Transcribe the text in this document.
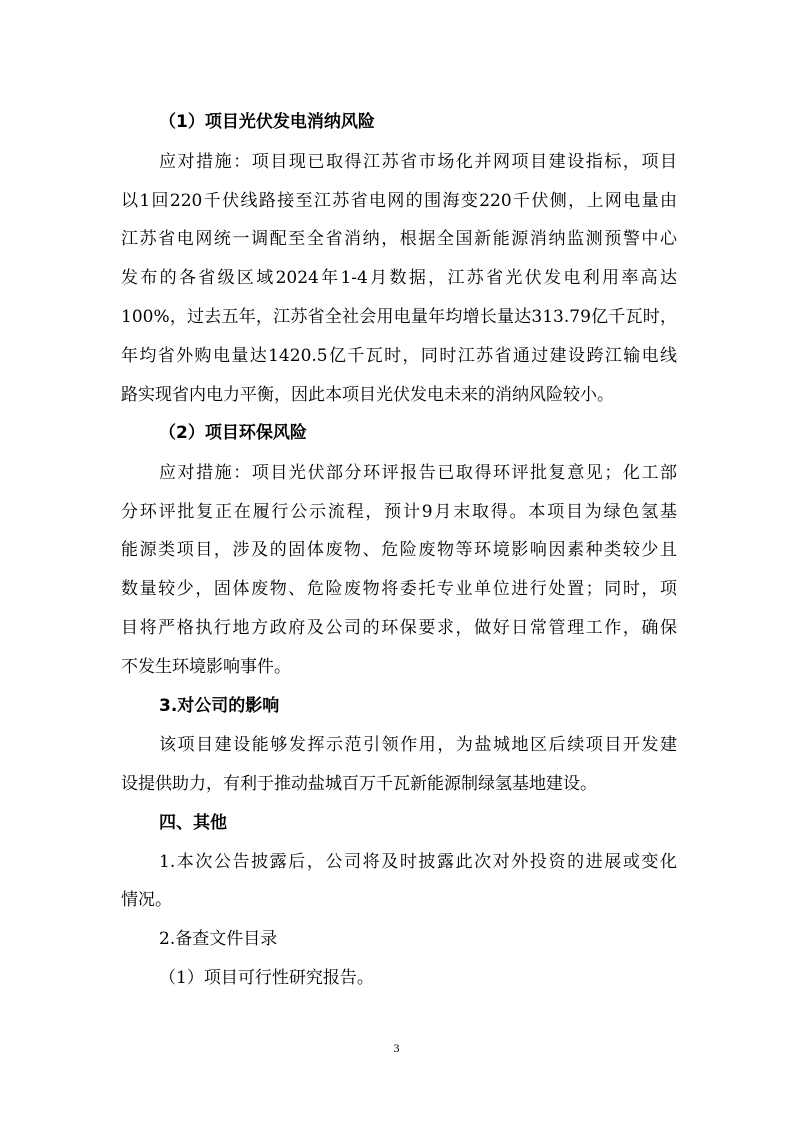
（1）项目光伏发电消纳风险
应对措施：项目现已取得江苏省市场化并网项目建设指标，项目
以1回220千伏线路接至江苏省电网的围海变220千伏侧，上网电量由
江苏省电网统一调配至全省消纳，根据全国新能源消纳监测预警中心
发布的各省级区域2024年1-4月数据，江苏省光伏发电利用率高达
100%，过去五年，江苏省全社会用电量年均增长量达313.79亿千瓦时，
年均省外购电量达1420.5亿千瓦时，同时江苏省通过建设跨江输电线
路实现省内电力平衡，因此本项目光伏发电未来的消纳风险较小。
（2）项目环保风险
应对措施：项目光伏部分环评报告已取得环评批复意见；化工部
分环评批复正在履行公示流程，预计9月末取得。本项目为绿色氢基
能源类项目，涉及的固体废物、危险废物等环境影响因素种类较少且
数量较少，固体废物、危险废物将委托专业单位进行处置；同时，项
目将严格执行地方政府及公司的环保要求，做好日常管理工作，确保
不发生环境影响事件。
3.对公司的影响
该项目建设能够发挥示范引领作用，为盐城地区后续项目开发建
设提供助力，有利于推动盐城百万千瓦新能源制绿氢基地建设。
四、其他
1.本次公告披露后，公司将及时披露此次对外投资的进展或变化
情况。
2.备查文件目录
（1）项目可行性研究报告。
3
